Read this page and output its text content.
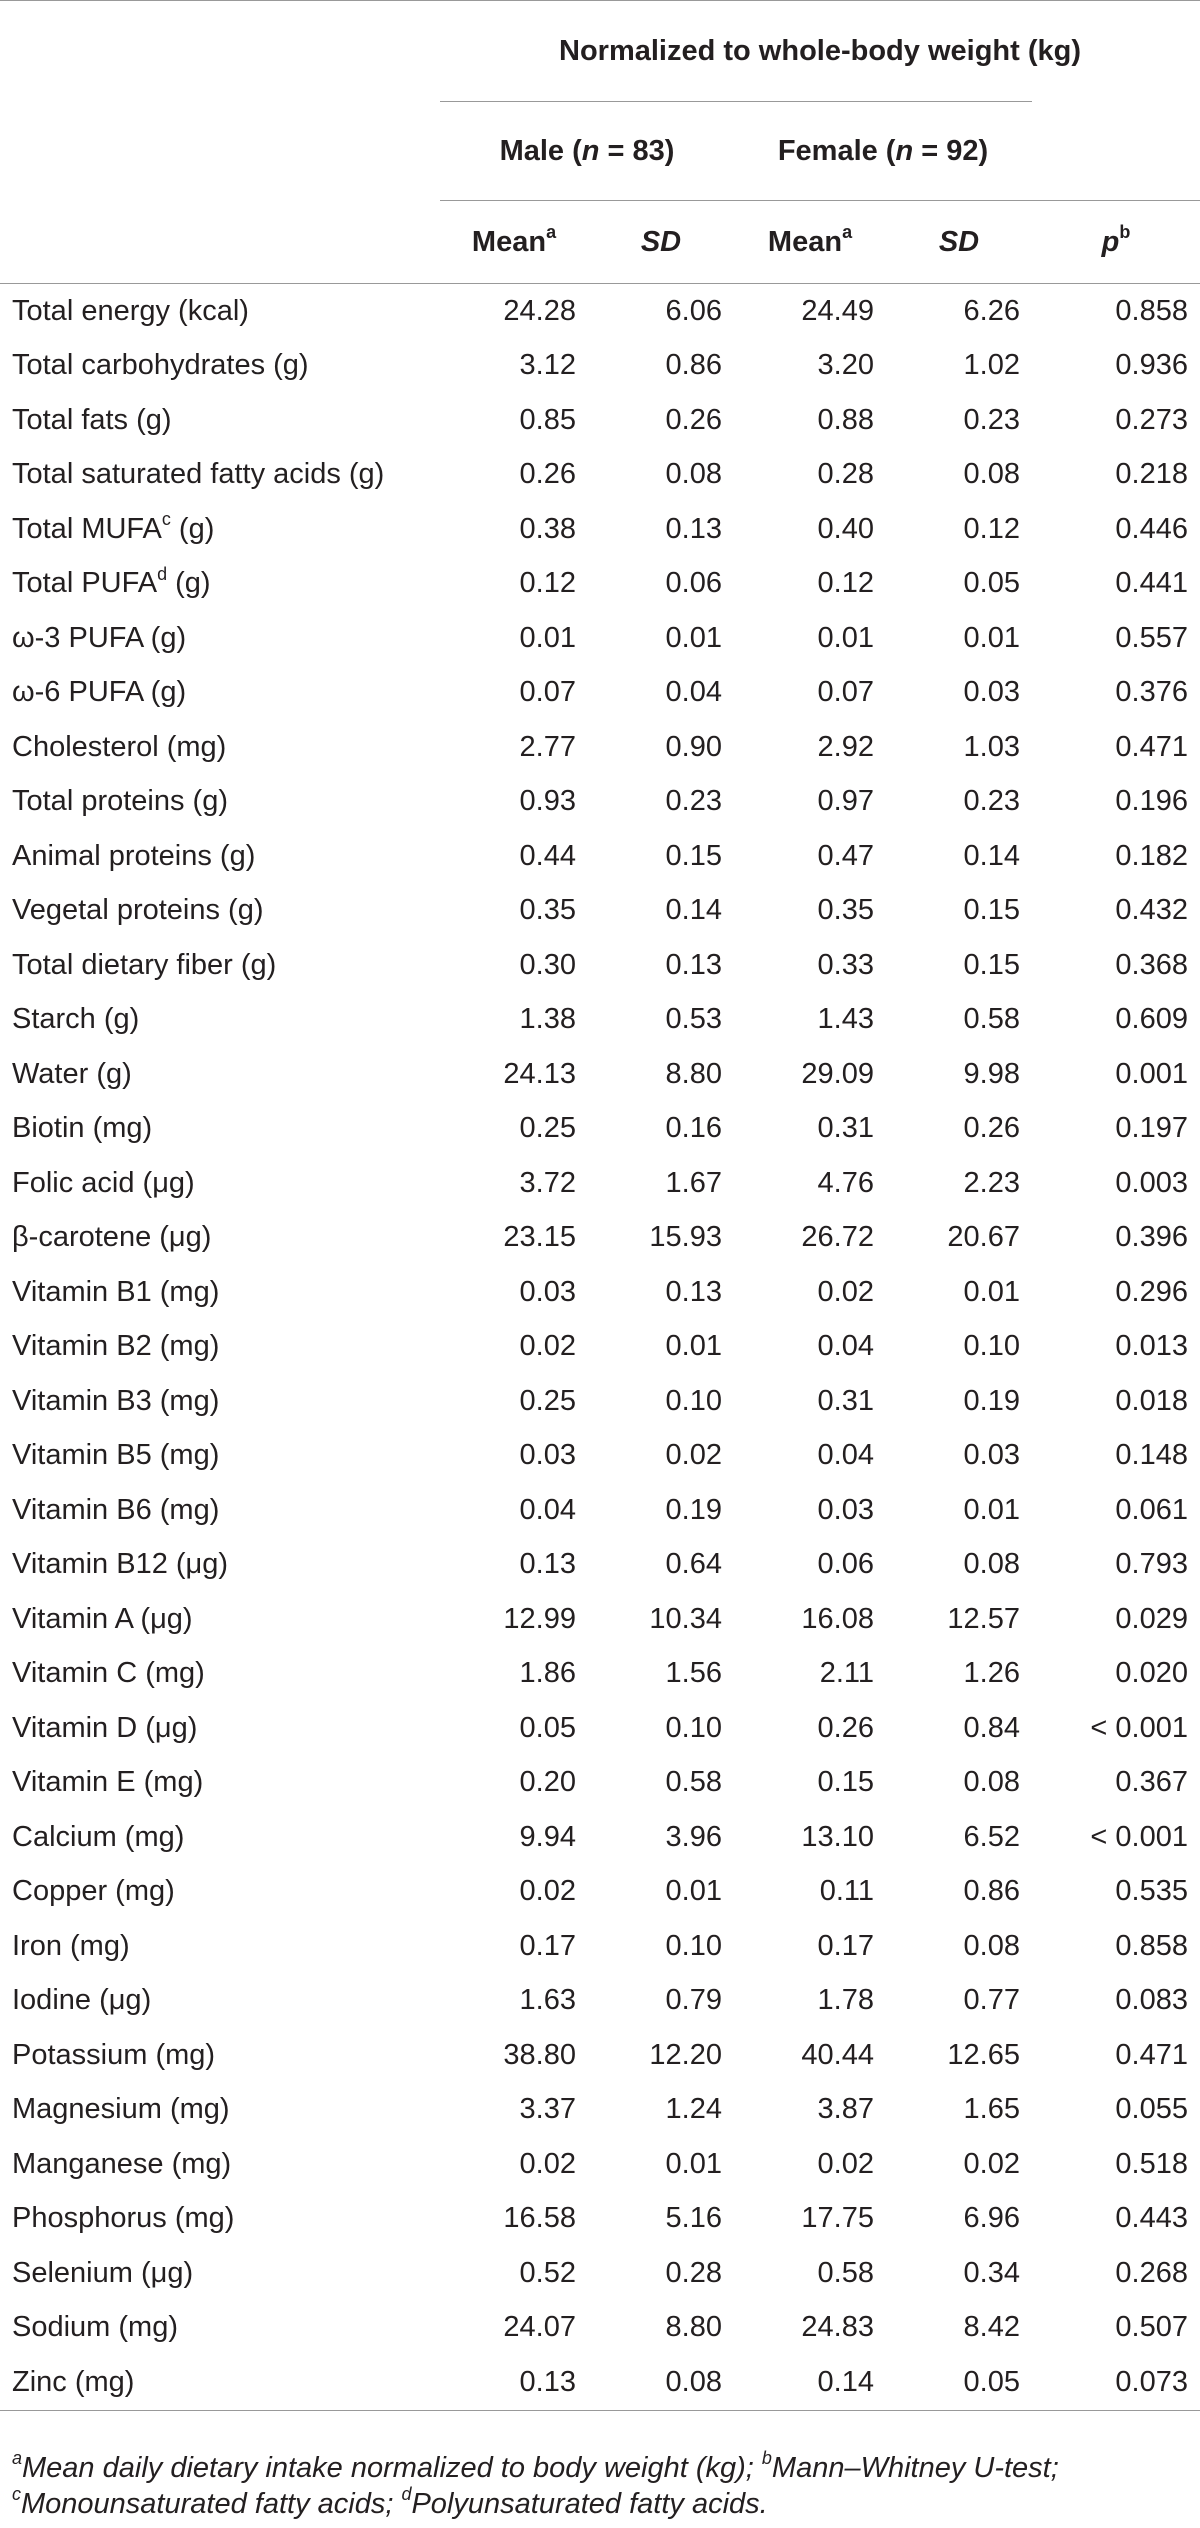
	Normalized to whole-body weight (kg)				
	Male (n = 83)		Female (n = 92)		
	Mean$^a$	SD	Mean$^a$	SD	$p^b$
Total energy (kcal)	24.28	6.06	24.49	6.26	0.858
Total carbohydrates (g)	3.12	0.86	3.20	1.02	0.936
Total fats (g)	0.85	0.26	0.88	0.23	0.273
Total saturated fatty acids (g)	0.26	0.08	0.28	0.08	0.218
Total MUFA$^c$ (g)	0.38	0.13	0.40	0.12	0.446
Total PUFA$^d$ (g)	0.12	0.06	0.12	0.05	0.441
ω-3 PUFA (g)	0.01	0.01	0.01	0.01	0.557
ω-6 PUFA (g)	0.07	0.04	0.07	0.03	0.376
Cholesterol (mg)	2.77	0.90	2.92	1.03	0.471
Total proteins (g)	0.93	0.23	0.97	0.23	0.196
Animal proteins (g)	0.44	0.15	0.47	0.14	0.182
Vegetal proteins (g)	0.35	0.14	0.35	0.15	0.432
Total dietary fiber (g)	0.30	0.13	0.33	0.15	0.368
Starch (g)	1.38	0.53	1.43	0.58	0.609
Water (g)	24.13	8.80	29.09	9.98	0.001
Biotin (mg)	0.25	0.16	0.31	0.26	0.197
Folic acid (μg)	3.72	1.67	4.76	2.23	0.003
β-carotene (μg)	23.15	15.93	26.72	20.67	0.396
Vitamin B1 (mg)	0.03	0.13	0.02	0.01	0.296
Vitamin B2 (mg)	0.02	0.01	0.04	0.10	0.013
Vitamin B3 (mg)	0.25	0.10	0.31	0.19	0.018
Vitamin B5 (mg)	0.03	0.02	0.04	0.03	0.148
Vitamin B6 (mg)	0.04	0.19	0.03	0.01	0.061
Vitamin B12 (μg)	0.13	0.64	0.06	0.08	0.793
Vitamin A (μg)	12.99	10.34	16.08	12.57	0.029
Vitamin C (mg)	1.86	1.56	2.11	1.26	0.020
Vitamin D (μg)	0.05	0.10	0.26	0.84	< 0.001
Vitamin E (mg)	0.20	0.58	0.15	0.08	0.367
Calcium (mg)	9.94	3.96	13.10	6.52	< 0.001
Copper (mg)	0.02	0.01	0.11	0.86	0.535
Iron (mg)	0.17	0.10	0.17	0.08	0.858
Iodine (μg)	1.63	0.79	1.78	0.77	0.083
Potassium (mg)	38.80	12.20	40.44	12.65	0.471
Magnesium (mg)	3.37	1.24	3.87	1.65	0.055
Manganese (mg)	0.02	0.01	0.02	0.02	0.518
Phosphorus (mg)	16.58	5.16	17.75	6.96	0.443
Selenium (μg)	0.52	0.28	0.58	0.34	0.268
Sodium (mg)	24.07	8.80	24.83	8.42	0.507
Zinc (mg)	0.13	0.08	0.14	0.05	0.073
$^a$Mean daily dietary intake normalized to body weight (kg); $^b$Mann–Whitney U-test;
$^c$Monounsaturated fatty acids; $^d$Polyunsaturated fatty acids.
